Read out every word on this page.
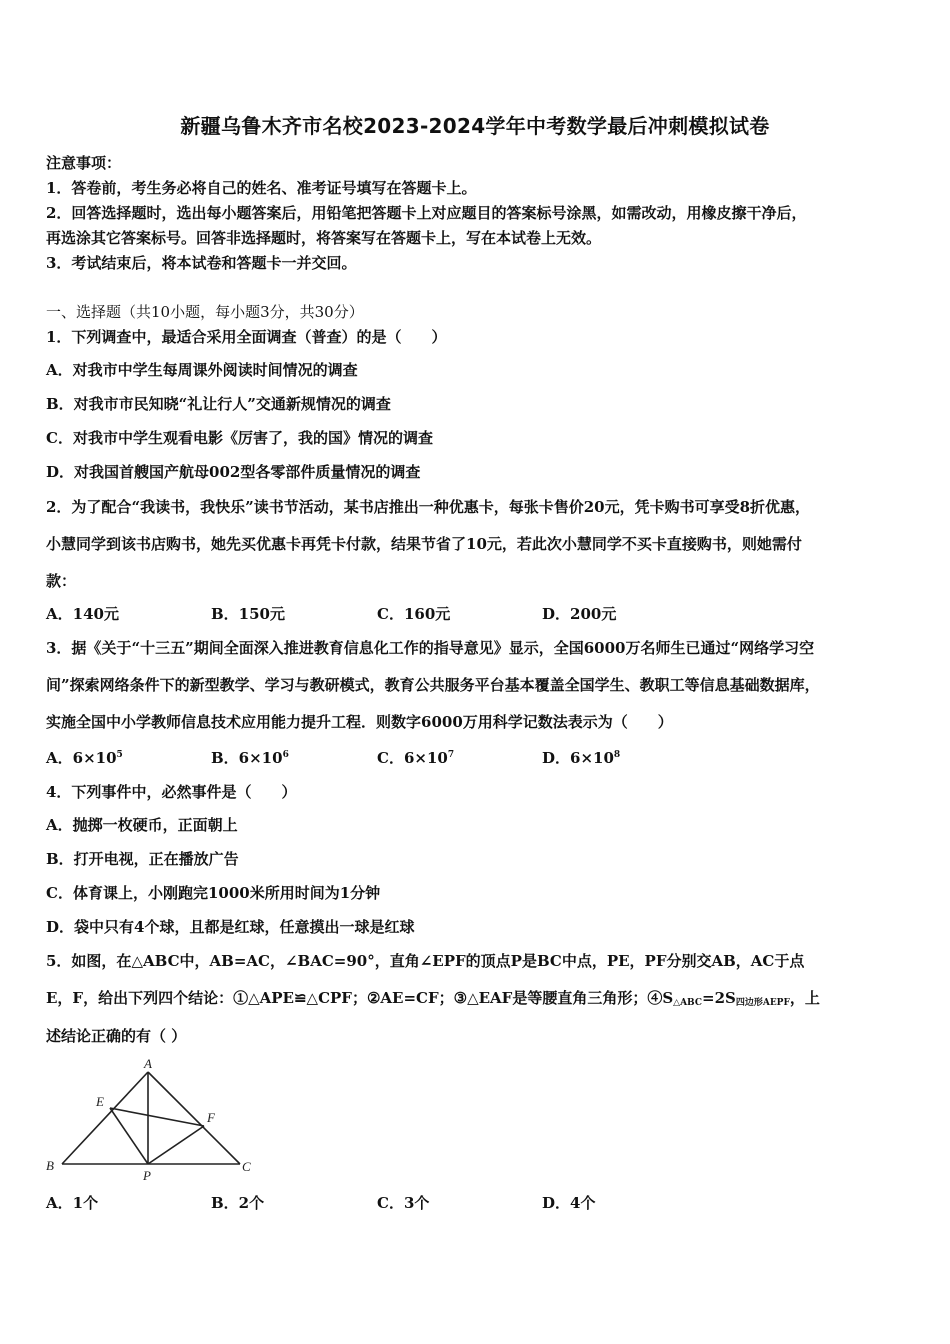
新疆乌鲁木齐市名校2023-2024学年中考数学最后冲刺模拟试卷
注意事项：
1．答卷前，考生务必将自己的姓名、准考证号填写在答题卡上。
2．回答选择题时，选出每小题答案后，用铅笔把答题卡上对应题目的答案标号涂黑，如需改动，用橡皮擦干净后，
再选涂其它答案标号。回答非选择题时，将答案写在答题卡上，写在本试卷上无效。
3．考试结束后，将本试卷和答题卡一并交回。
一、选择题（共10小题，每小题3分，共30分）
1．下列调查中，最适合采用全面调查（普查）的是（　　）
A．对我市中学生每周课外阅读时间情况的调查
B．对我市市民知晓“礼让行人”交通新规情况的调查
C．对我市中学生观看电影《厉害了，我的国》情况的调查
D．对我国首艘国产航母002型各零部件质量情况的调查
2．为了配合“我读书，我快乐”读书节活动，某书店推出一种优惠卡，每张卡售价20元，凭卡购书可享受8折优惠，
小慧同学到该书店购书，她先买优惠卡再凭卡付款，结果节省了10元，若此次小慧同学不买卡直接购书，则她需付
款：
A．140元	B．150元	C．160元	D．200元
3．据《关于“十三五”期间全面深入推进教育信息化工作的指导意见》显示，全国6000万名师生已通过“网络学习空
间”探索网络条件下的新型教学、学习与教研模式，教育公共服务平台基本覆盖全国学生、教职工等信息基础数据库，
实施全国中小学教师信息技术应用能力提升工程．则数字6000万用科学记数法表示为（　　）
A．$6\times 10^5$	B．$6\times 10^6$	C．$6\times 10^7$	D．$6\times 10^8$
4．下列事件中，必然事件是（　　）
A．抛掷一枚硬币，正面朝上
B．打开电视，正在播放广告
C．体育课上，小刚跑完1000米所用时间为1分钟
D．袋中只有4个球，且都是红球，任意摸出一球是红球
5．如图，在△ABC中，AB=AC，∠BAC=90°，直角∠EPF的顶点P是BC中点，PE，PF分别交AB，AC于点
E，F，给出下列四个结论：①△APE≌△CPF；②AE=CF；③△EAF是等腰直角三角形；$④S_{\triangle ABC}=2S_{四边形AEPF}$，上
述结论正确的有（ ）
A
E
F
B
P
C
A．1个	B．2个	C．3个	D．4个
